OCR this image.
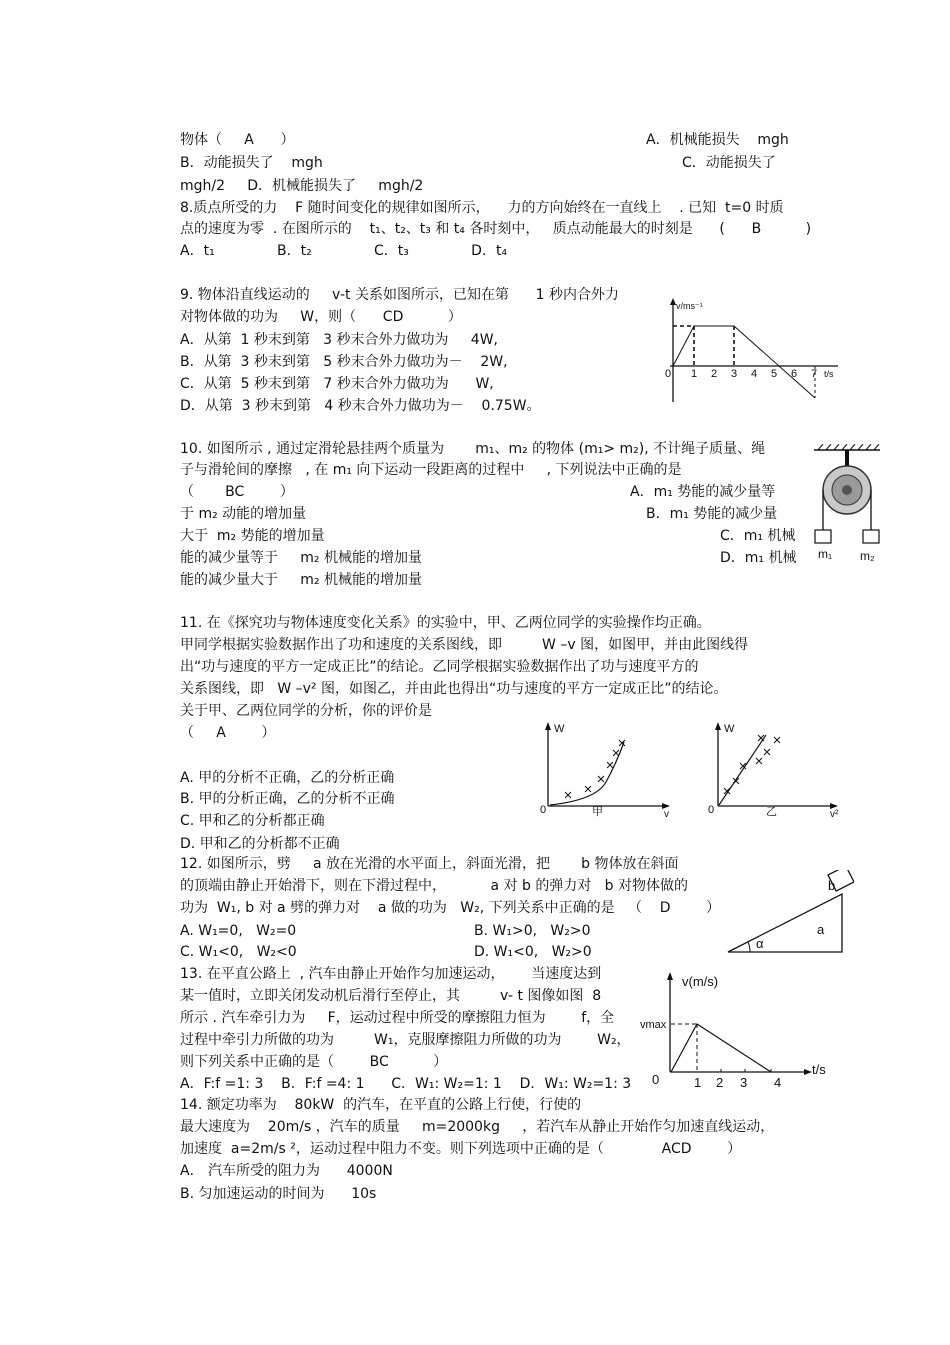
物体（     A      ）	A．机械能损失    mgh
B．动能损失了    mgh	C．动能损失了
mgh/2     D．机械能损失了     mgh/2
8.质点所受的力    F 随时间变化的规律如图所示，    力的方向始终在一直线上    . 已知  t=0 时质
点的速度为零  . 在图所示的    t₁、t₂、t₃ 和 t₄ 各时刻中，   质点动能最大的时刻是      (      B          )
A．t₁              B．t₂              C．t₃              D．t₄
9. 物体沿直线运动的     v-t 关系如图所示，已知在第      1 秒内合外力
对物体做的功为     W，则（      CD          ）
A．从第  1 秒末到第   3 秒末合外力做功为     4W,
B．从第  3 秒末到第   5 秒末合外力做功为－    2W,
C．从第  5 秒末到第   7 秒末合外力做功为      W,
D．从第  3 秒末到第   4 秒末合外力做功为－    0.75W。
10. 如图所示 , 通过定滑轮悬挂两个质量为       m₁、m₂ 的物体 (m₁> m₂), 不计绳子质量、绳
子与滑轮间的摩擦   , 在 m₁ 向下运动一段距离的过程中     , 下列说法中正确的是
（       BC        ）	A．m₁ 势能的减少量等
于 m₂ 动能的增加量	B．m₁ 势能的减少量
大于  m₂ 势能的增加量	C．m₁ 机械
能的减少量等于     m₂ 机械能的增加量	D．m₁ 机械
能的减少量大于     m₂ 机械能的增加量
11. 在《探究功与物体速度变化关系》的实验中，甲、乙两位同学的实验操作均正确。
甲同学根据实验数据作出了功和速度的关系图线，即         W –v 图，如图甲，并由此图线得
出“功与速度的平方一定成正比”的结论。乙同学根据实验数据作出了功与速度平方的
关系图线，即   W –v² 图，如图乙，并由此也得出“功与速度的平方一定成正比”的结论。
关于甲、乙两位同学的分析，你的评价是
（     A        ）
A. 甲的分析不正确，乙的分析正确
B. 甲的分析正确，乙的分析不正确
C. 甲和乙的分析都正确
D. 甲和乙的分析都不正确
12. 如图所示，劈     a 放在光滑的水平面上，斜面光滑，把       b 物体放在斜面
的顶端由静止开始滑下，则在下滑过程中，          a 对 b 的弹力对   b 对物体做的
功为  W₁, b 对 a 劈的弹力对    a 做的功为   W₂, 下列关系中正确的是   （    D        ）
A. W₁=0,   W₂=0	B. W₁>0,   W₂>0
C. W₁<0,   W₂<0	D. W₁<0,   W₂>0
13. 在平直公路上  , 汽车由静止开始作匀加速运动，      当速度达到
某一值时，立即关闭发动机后滑行至停止，其         v- t 图像如图  8
所示 . 汽车牵引力为     F，运动过程中所受的摩擦阻力恒为        f，全
过程中牵引力所做的功为         W₁，克服摩擦阻力所做的功为        W₂，
则下列关系中正确的是（        BC          ）
A．F:f =1: 3    B．F:f =4: 1      C．W₁: W₂=1: 1    D．W₁: W₂=1: 3
14. 额定功率为    80kW  的汽车，在平直的公路上行使，行使的
最大速度为    20m/s ，汽车的质量     m=2000kg     ，若汽车从静止开始作匀加速直线运动，
加速度  a=2m/s ²，运动过程中阻力不变。则下列选项中正确的是（             ACD        ）
A． 汽车所受的阻力为      4000N
B. 匀加速运动的时间为      10s
v/ms⁻¹
t/s
0 1 2 3 4 5 6 7
m₁ m₂
W
v
0	甲
W
v²
0	乙
b
a
α
v(m/s)
vmax
t/s
0	1 2 3 4
